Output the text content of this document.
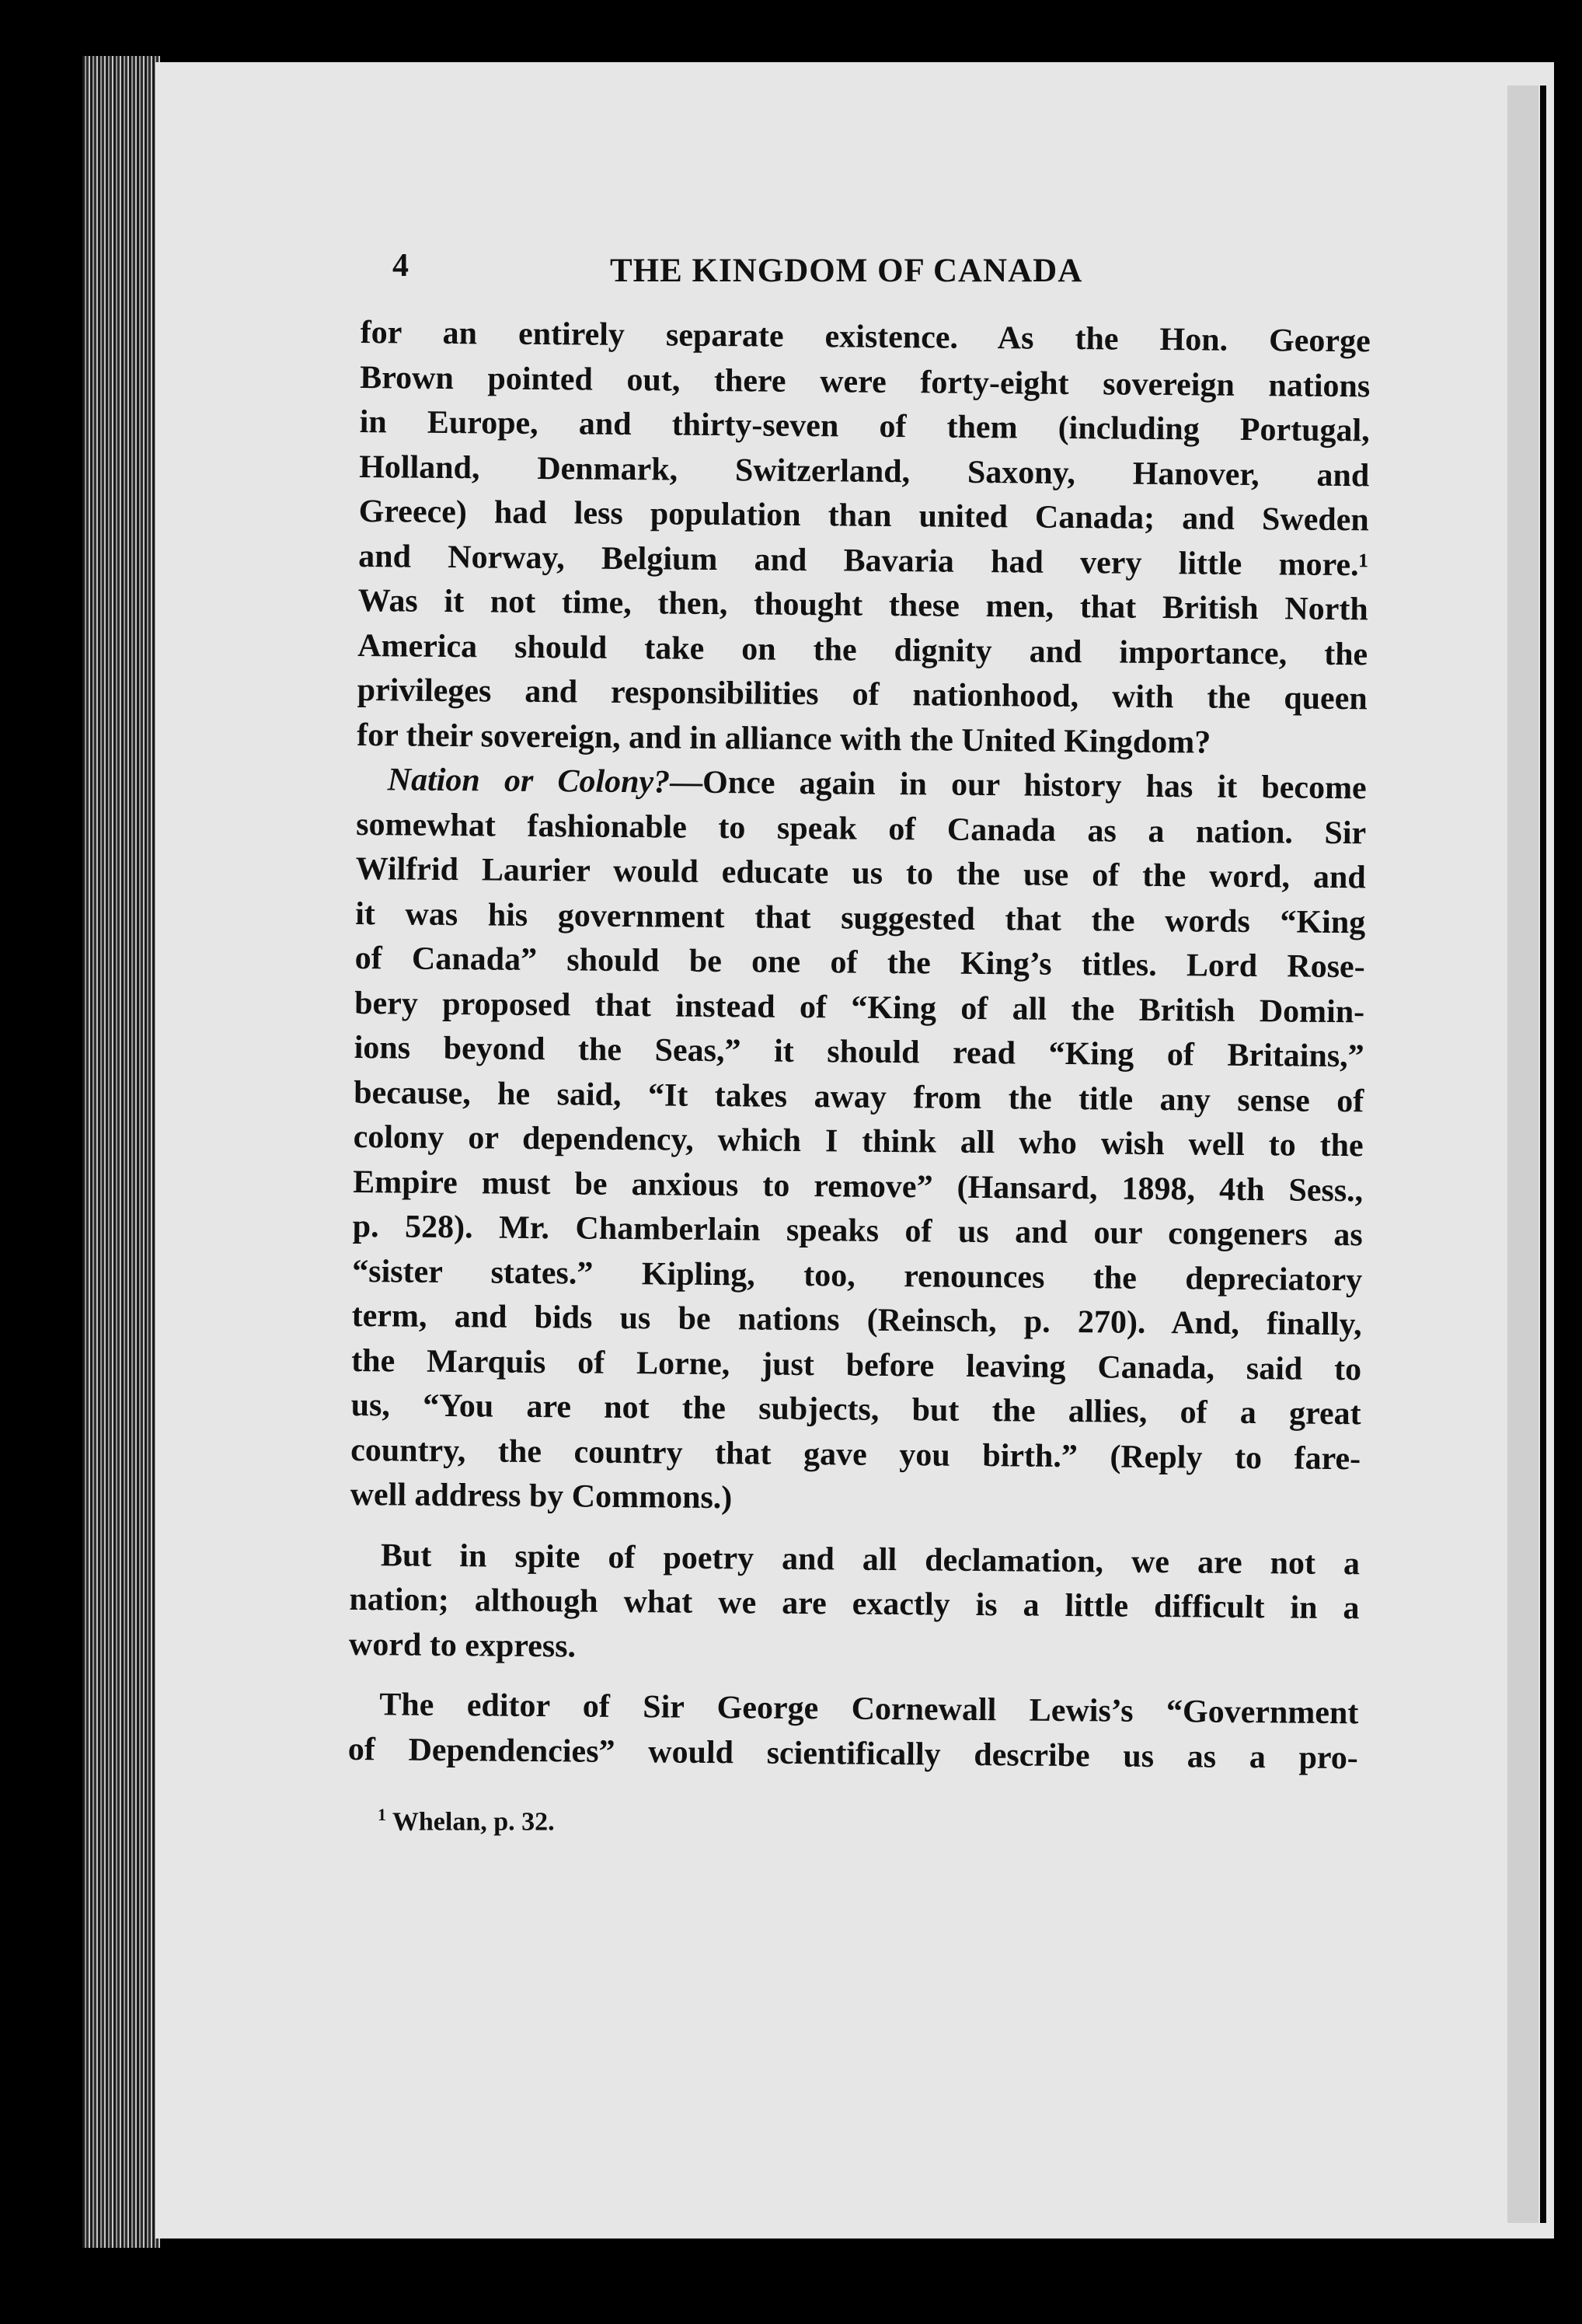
4	THE KINGDOM OF CANADA
for an entirely separate existence. As the Hon. George
Brown pointed out, there were forty-eight sovereign nations
in Europe, and thirty-seven of them (including Portugal,
Holland, Denmark, Switzerland, Saxony, Hanover, and
Greece) had less population than united Canada; and Sweden
and Norway, Belgium and Bavaria had very little more.¹
Was it not time, then, thought these men, that British North
America should take on the dignity and importance, the
privileges and responsibilities of nationhood, with the queen
for their sovereign, and in alliance with the United Kingdom?
Nation or Colony?—Once again in our history has it become
somewhat fashionable to speak of Canada as a nation. Sir
Wilfrid Laurier would educate us to the use of the word, and
it was his government that suggested that the words “King
of Canada” should be one of the King’s titles. Lord Rose-
bery proposed that instead of “King of all the British Domin-
ions beyond the Seas,” it should read “King of Britains,”
because, he said, “It takes away from the title any sense of
colony or dependency, which I think all who wish well to the
Empire must be anxious to remove” (Hansard, 1898, 4th Sess.,
p. 528). Mr. Chamberlain speaks of us and our congeners as
“sister states.” Kipling, too, renounces the depreciatory
term, and bids us be nations (Reinsch, p. 270). And, finally,
the Marquis of Lorne, just before leaving Canada, said to
us, “You are not the subjects, but the allies, of a great
country, the country that gave you birth.” (Reply to fare-
well address by Commons.)
But in spite of poetry and all declamation, we are not a
nation; although what we are exactly is a little difficult in a
word to express.
The editor of Sir George Cornewall Lewis’s “Government
of Dependencies” would scientifically describe us as a pro-
$^1$ Whelan, p. 32.
